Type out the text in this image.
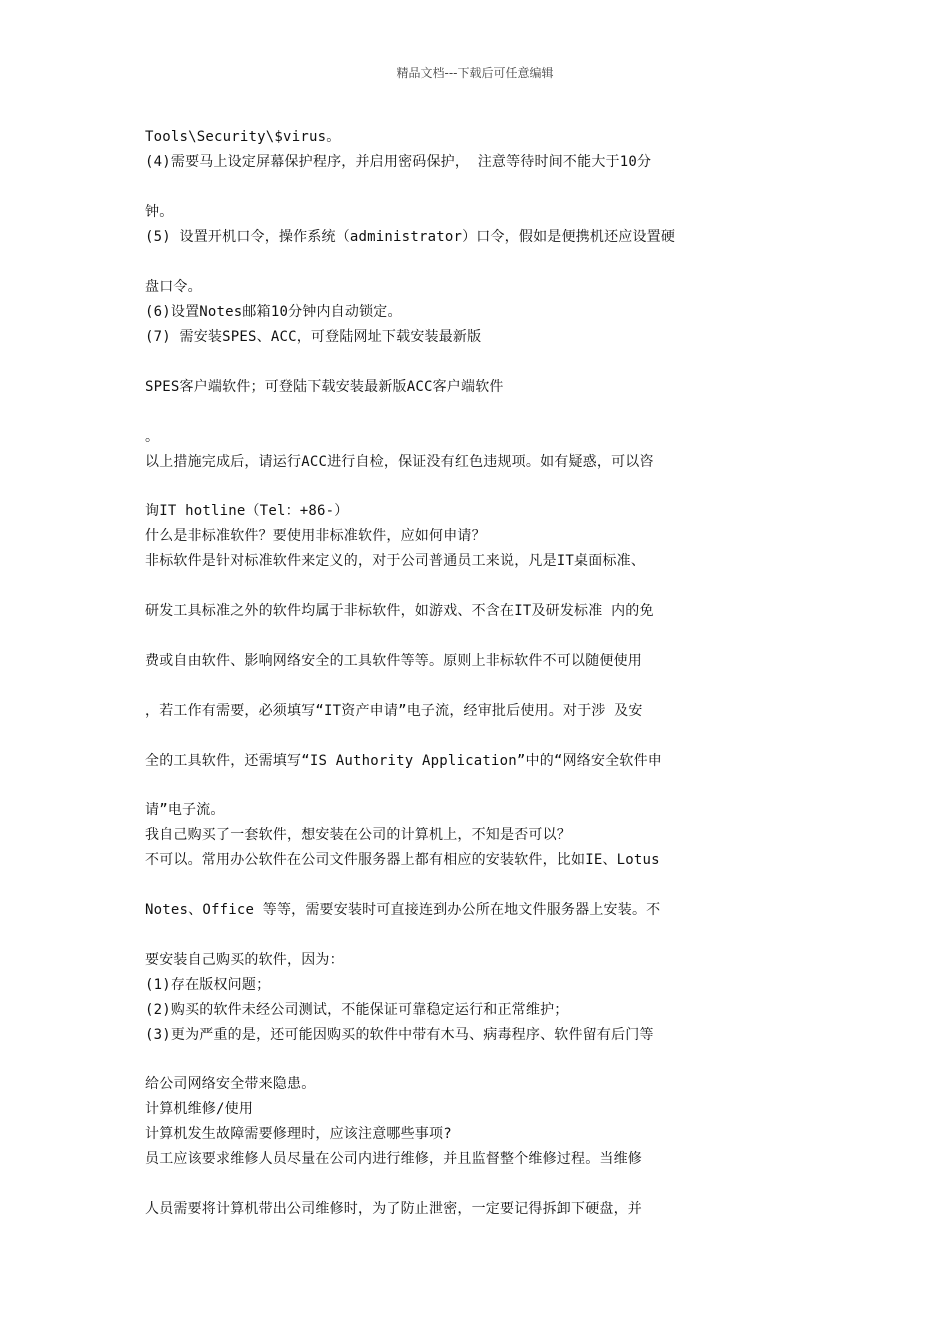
精品文档---下载后可任意编辑
Tools\Security\$virus。
(4)需要马上设定屏幕保护程序，并启用密码保护， 注意等待时间不能大于10分
钟。
(5) 设置开机口令，操作系统（administrator）口令，假如是便携机还应设置硬
盘口令。
(6)设置Notes邮箱10分钟内自动锁定。
(7) 需安装SPES、ACC，可登陆网址下载安装最新版
SPES客户端软件；可登陆下载安装最新版ACC客户端软件
。
以上措施完成后，请运行ACC进行自检，保证没有红色违规项。如有疑惑，可以咨
询IT hotline（Tel：+86-）
什么是非标准软件？要使用非标准软件，应如何申请？
非标软件是针对标准软件来定义的，对于公司普通员工来说，凡是IT桌面标准、
研发工具标准之外的软件均属于非标软件，如游戏、不含在IT及研发标准 内的免
费或自由软件、影响网络安全的工具软件等等。原则上非标软件不可以随便使用
，若工作有需要，必须填写“IT资产申请”电子流，经审批后使用。对于涉 及安
全的工具软件，还需填写“IS Authority Application”中的“网络安全软件申
请”电子流。
我自己购买了一套软件，想安装在公司的计算机上，不知是否可以？
不可以。常用办公软件在公司文件服务器上都有相应的安装软件，比如IE、Lotus
Notes、Office 等等，需要安装时可直接连到办公所在地文件服务器上安装。不
要安装自己购买的软件，因为：
(1)存在版权问题；
(2)购买的软件未经公司测试，不能保证可靠稳定运行和正常维护；
(3)更为严重的是，还可能因购买的软件中带有木马、病毒程序、软件留有后门等
给公司网络安全带来隐患。
计算机维修/使用
计算机发生故障需要修理时，应该注意哪些事项?
员工应该要求维修人员尽量在公司内进行维修，并且监督整个维修过程。当维修
人员需要将计算机带出公司维修时，为了防止泄密，一定要记得拆卸下硬盘，并
